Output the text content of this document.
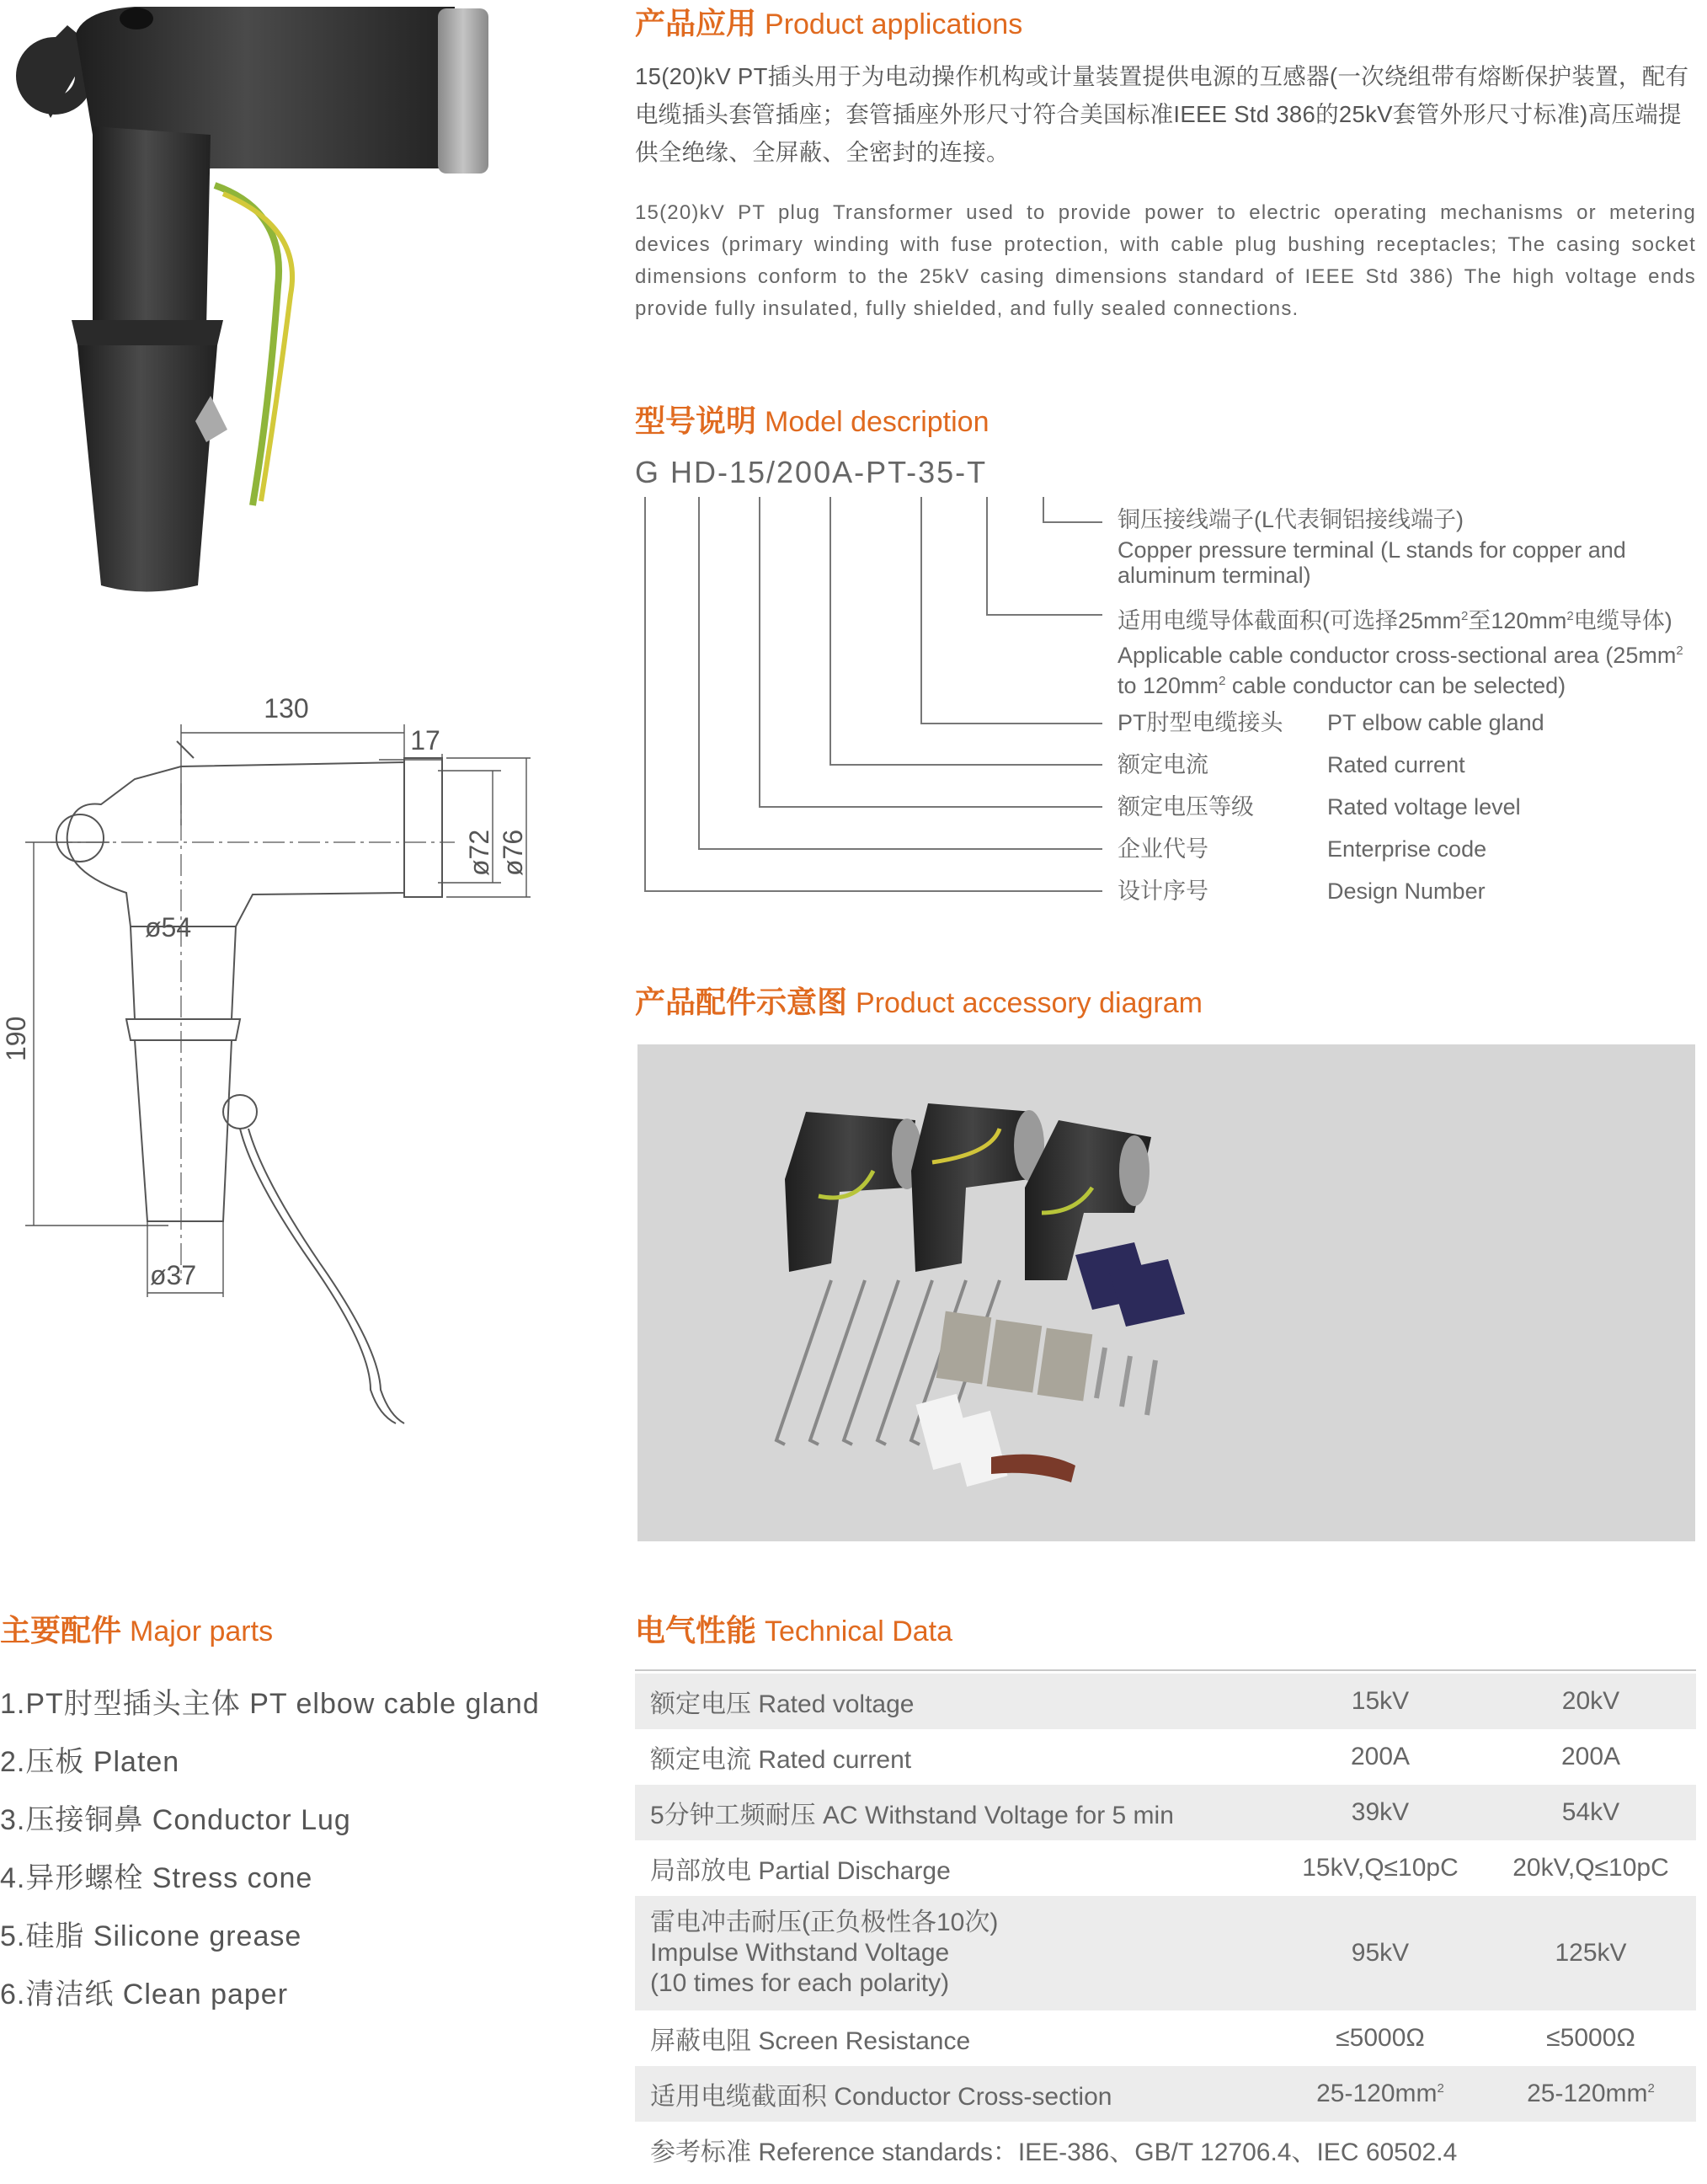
130
17
ø72 ø76
ø54
190
ø37
产品应用 Product applications
15(20)kV PT插头用于为电动操作机构或计量装置提供电源的互感器(一次绕组带有熔断保护装置，配有电缆插头套管插座；套管插座外形尺寸符合美国标准IEEE Std 386的25kV套管外形尺寸标准)高压端提供全绝缘、全屏蔽、全密封的连接。
15(20)kV PT plug Transformer used to provide power to electric operating mechanisms or metering devices (primary winding with fuse protection, with cable plug bushing receptacles; The casing socket dimensions conform to the 25kV casing dimensions standard of IEEE Std 386) The high voltage ends provide fully insulated, fully shielded, and fully sealed connections.
型号说明 Model description
G HD-15/200A-PT-35-T
铜压接线端子(L代表铜铝接线端子)
Copper pressure terminal (L stands for copper and
aluminum terminal)
适用电缆导体截面积(可选择$25mm^2$至$120mm^2$电缆导体)
Applicable cable conductor cross-sectional area ($25mm^2$
to $120mm^2$ cable conductor can be selected)
PT肘型电缆接头 PT elbow cable gland
额定电流	Rated current
额定电压等级	Rated voltage level
企业代号	Enterprise code
设计序号	Design Number
产品配件示意图 Product accessory diagram
主要配件 Major parts
1.PT肘型插头主体 PT elbow cable gland
2.压板 Platen
3.压接铜鼻 Conductor Lug
4.异形螺栓 Stress cone
5.硅脂 Silicone grease
6.清洁纸 Clean paper
电气性能 Technical Data
额定电压 Rated voltage	15kV	20kV
额定电流 Rated current	200A	200A
5分钟工频耐压 AC Withstand Voltage for 5 min	39kV	54kV
局部放电 Partial Discharge	15kV,Q≤10pC	20kV,Q≤10pC

雷电冲击耐压(正负极性各10次)
Impulse Withstand Voltage
(10 times for each polarity)	95kV	125kV
屏蔽电阻 Screen Resistance	≤5000Ω	≤5000Ω
适用电缆截面积 Conductor Cross-section	$25-120mm^2$	$25-120mm^2$
参考标准 Reference standards：IEE-386、GB/T 12706.4、IEC 60502.4		
